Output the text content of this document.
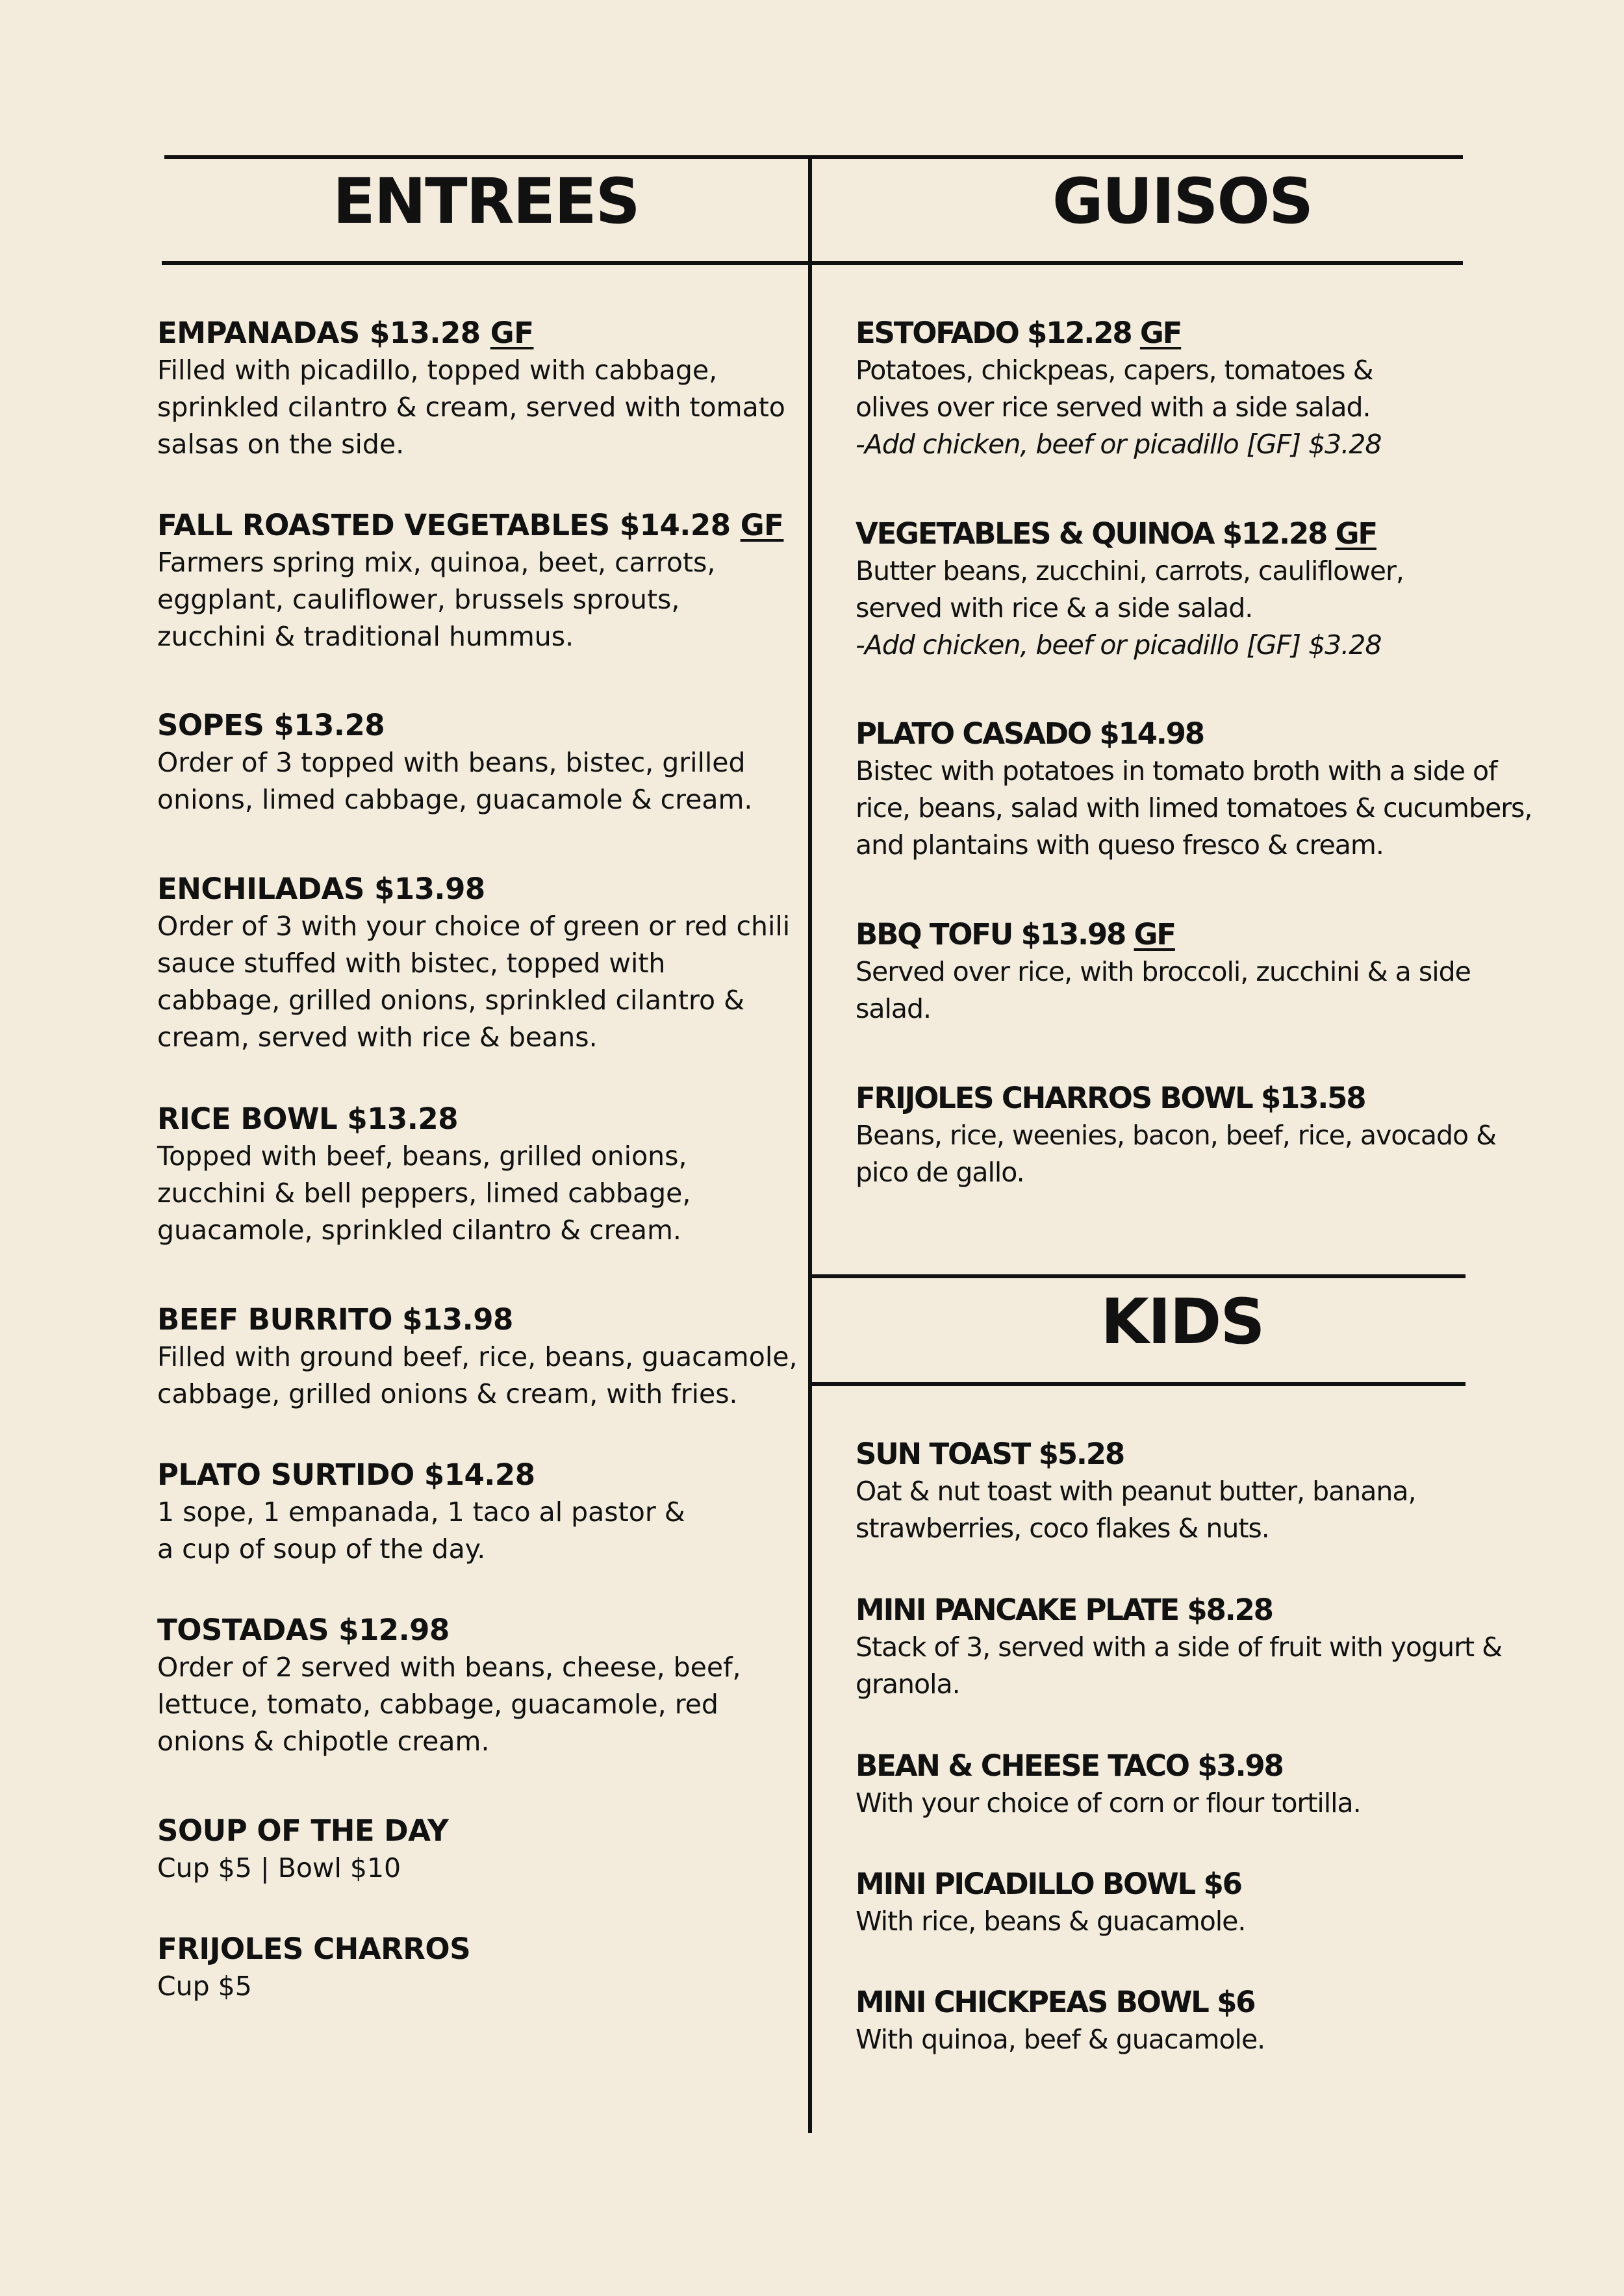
ENTREES	GUISOS
KIDS
EMPANADAS $13.28 GF
Filled with picadillo, topped with cabbage,
sprinkled cilantro & cream, served with tomato
salsas on the side.
FALL ROASTED VEGETABLES $14.28 GF
Farmers spring mix, quinoa, beet, carrots,
eggplant, cauliflower, brussels sprouts,
zucchini & traditional hummus.
SOPES $13.28
Order of 3 topped with beans, bistec, grilled
onions, limed cabbage, guacamole & cream.
ENCHILADAS $13.98
Order of 3 with your choice of green or red chili
sauce stuffed with bistec, topped with
cabbage, grilled onions, sprinkled cilantro &
cream, served with rice & beans.
RICE BOWL $13.28
Topped with beef, beans, grilled onions,
zucchini & bell peppers, limed cabbage,
guacamole, sprinkled cilantro & cream.
BEEF BURRITO $13.98
Filled with ground beef, rice, beans, guacamole,
cabbage, grilled onions & cream, with fries.
PLATO SURTIDO $14.28
1 sope, 1 empanada, 1 taco al pastor &
a cup of soup of the day.
TOSTADAS $12.98
Order of 2 served with beans, cheese, beef,
lettuce, tomato, cabbage, guacamole, red
onions & chipotle cream.
SOUP OF THE DAY
Cup $5 | Bowl $10
FRIJOLES CHARROS
Cup $5
ESTOFADO $12.28 GF
Potatoes, chickpeas, capers, tomatoes &
olives over rice served with a side salad.
-Add chicken, beef or picadillo [GF] $3.28
VEGETABLES & QUINOA $12.28 GF
Butter beans, zucchini, carrots, cauliflower,
served with rice & a side salad.
-Add chicken, beef or picadillo [GF] $3.28
PLATO CASADO $14.98
Bistec with potatoes in tomato broth with a side of
rice, beans, salad with limed tomatoes & cucumbers,
and plantains with queso fresco & cream.
BBQ TOFU $13.98 GF
Served over rice, with broccoli, zucchini & a side
salad.
FRIJOLES CHARROS BOWL $13.58
Beans, rice, weenies, bacon, beef, rice, avocado &
pico de gallo.
SUN TOAST $5.28
Oat & nut toast with peanut butter, banana,
strawberries, coco flakes & nuts.
MINI PANCAKE PLATE $8.28
Stack of 3, served with a side of fruit with yogurt &
granola.
BEAN & CHEESE TACO $3.98
With your choice of corn or flour tortilla.
MINI PICADILLO BOWL $6
With rice, beans & guacamole.
MINI CHICKPEAS BOWL $6
With quinoa, beef & guacamole.
